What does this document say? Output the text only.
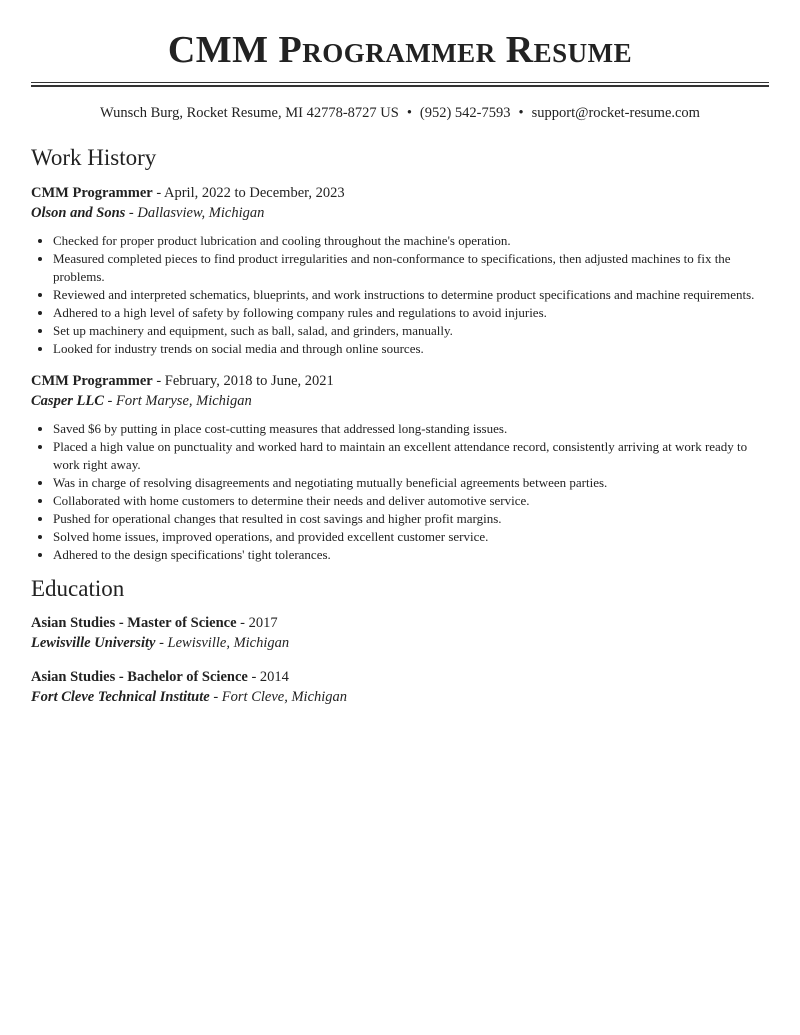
CMM Programmer Resume
Wunsch Burg, Rocket Resume, MI 42778-8727 US • (952) 542-7593 • support@rocket-resume.com
Work History
CMM Programmer - April, 2022 to December, 2023
Olson and Sons - Dallasview, Michigan
• Checked for proper product lubrication and cooling throughout the machine's operation.
• Measured completed pieces to find product irregularities and non-conformance to specifications, then adjusted machines to fix the problems.
• Reviewed and interpreted schematics, blueprints, and work instructions to determine product specifications and machine requirements.
• Adhered to a high level of safety by following company rules and regulations to avoid injuries.
• Set up machinery and equipment, such as ball, salad, and grinders, manually.
• Looked for industry trends on social media and through online sources.
CMM Programmer - February, 2018 to June, 2021
Casper LLC - Fort Maryse, Michigan
• Saved $6 by putting in place cost-cutting measures that addressed long-standing issues.
• Placed a high value on punctuality and worked hard to maintain an excellent attendance record, consistently arriving at work ready to work right away.
• Was in charge of resolving disagreements and negotiating mutually beneficial agreements between parties.
• Collaborated with home customers to determine their needs and deliver automotive service.
• Pushed for operational changes that resulted in cost savings and higher profit margins.
• Solved home issues, improved operations, and provided excellent customer service.
• Adhered to the design specifications' tight tolerances.
Education
Asian Studies - Master of Science - 2017
Lewisville University - Lewisville, Michigan
Asian Studies - Bachelor of Science - 2014
Fort Cleve Technical Institute - Fort Cleve, Michigan
